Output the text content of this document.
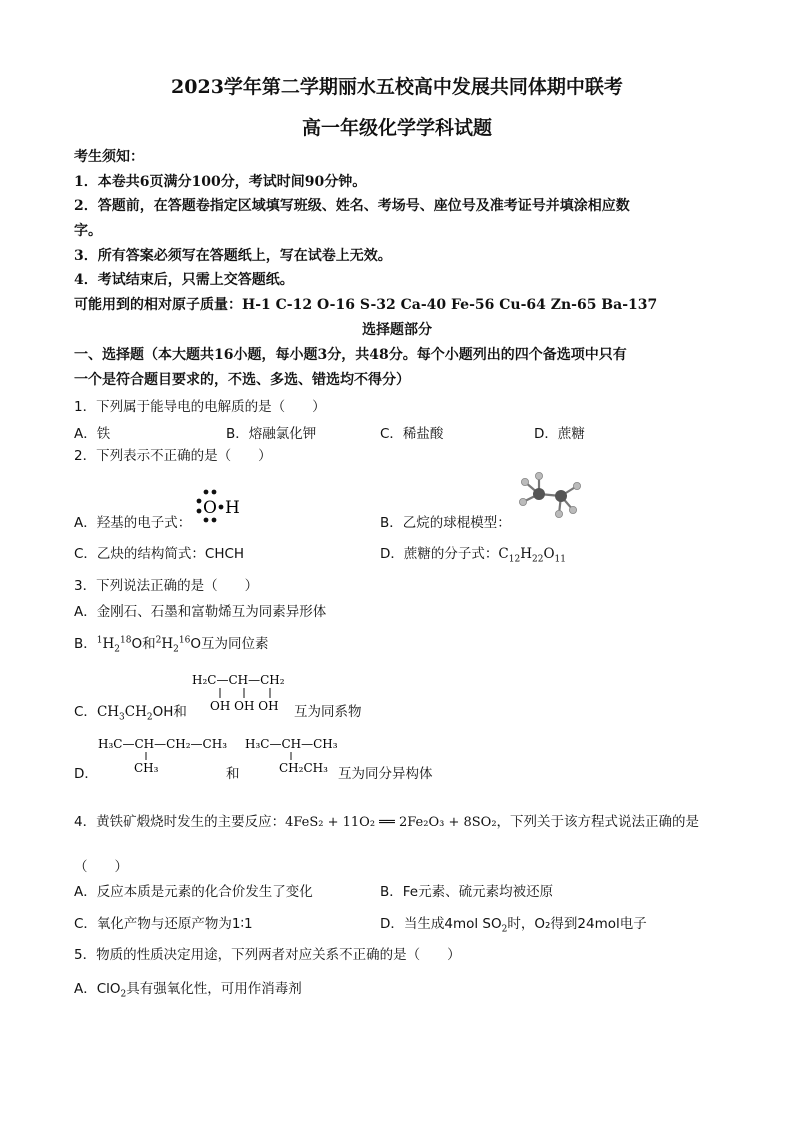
2023学年第二学期丽水五校高中发展共同体期中联考
高一年级化学学科试题
考生须知：
1．本卷共6页满分100分，考试时间90分钟。
2．答题前，在答题卷指定区域填写班级、姓名、考场号、座位号及准考证号并填涂相应数
字。
3．所有答案必须写在答题纸上，写在试卷上无效。
4．考试结束后，只需上交答题纸。
可能用到的相对原子质量：H-1 C-12 O-16 S-32 Ca-40 Fe-56 Cu-64 Zn-65 Ba-137
选择题部分
一、选择题（本大题共16小题，每小题3分，共48分。每个小题列出的四个备选项中只有
一个是符合题目要求的，不选、多选、错选均不得分）
1．下列属于能导电的电解质的是（　　）
A．铁	B．熔融氯化钾	C．稀盐酸	D．蔗糖
2．下列表示不正确的是（　　）
A．羟基的电子式：
O H
B．乙烷的球棍模型：
C．乙炔的结构简式：CHCH	D．蔗糖的分子式：$C_{12}H_{22}O_{11}$
3．下列说法正确的是（　　）
A．金刚石、石墨和富勒烯互为同素异形体
B．$^1H_2^{18}O$和$^2H_2^{16}O$互为同位素
C．$CH_3CH_2OH$和
H₂C—CH—CH₂
OH OH OH 互为同系物
D．
H₃C—CH—CH₂—CH₃
CH₃	和
H₃C—CH—CH₃
CH₂CH₃ 互为同分异构体
4．黄铁矿煅烧时发生的主要反应：4FeS₂ + 11O₂ ══ 2Fe₂O₃ + 8SO₂，下列关于该方程式说法正确的是
（　　）
A．反应本质是元素的化合价发生了变化	B．Fe元素、硫元素均被还原
C．氧化产物与还原产物为1∶1	D．当生成4mol $SO_2$时，O₂得到24mol电子
5．物质的性质决定用途，下列两者对应关系不正确的是（　　）
A．ClO$_2$具有强氧化性，可用作消毒剂
